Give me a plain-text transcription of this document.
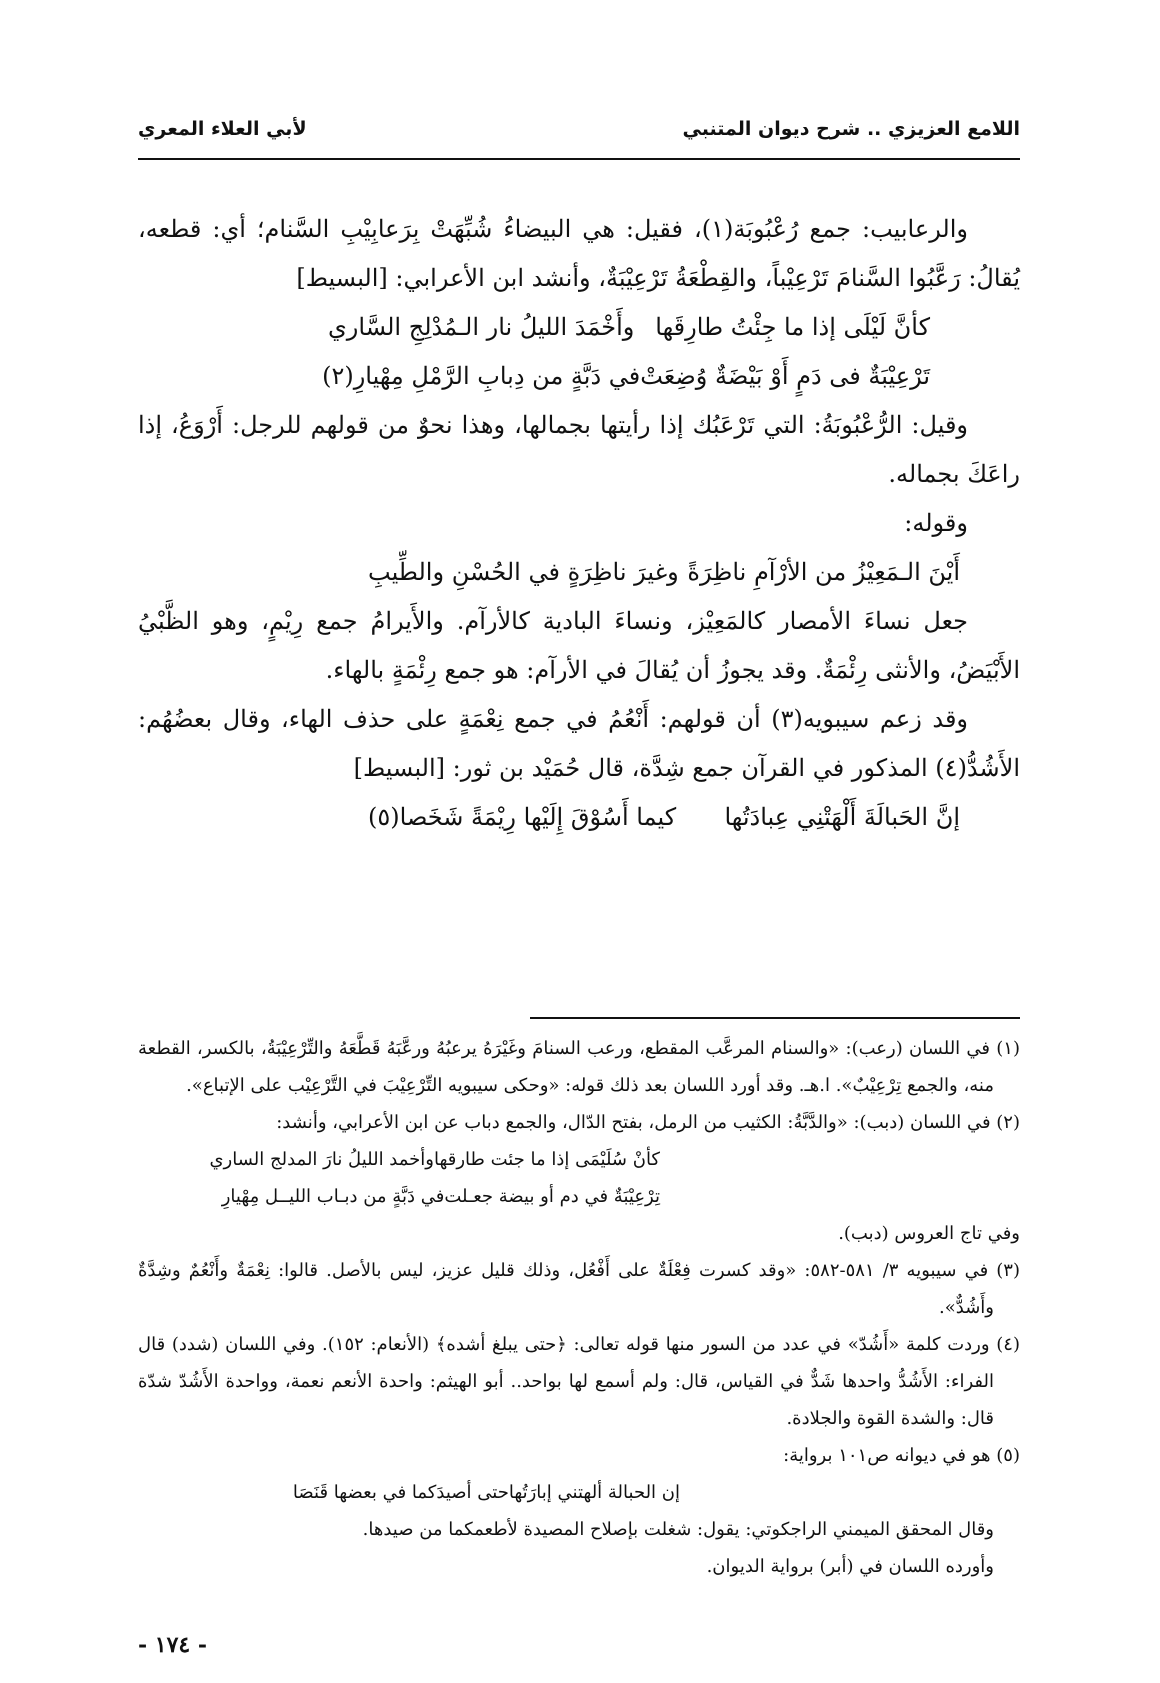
اللامع العزيزي .. شرح ديوان المتنبي
لأبي العلاء المعري

والرعابيب: جمع رُعْبُوبَة(١)، فقيل: هي البيضاءُ شُبِّهَتْ بِرَعابِيْبِ السَّنام؛ أي: قطعه، يُقالُ: رَعَّبُوا السَّنامَ تَرْعِيْباً، والقِطْعَةُ تَرْعِيْبَةٌ، وأنشد ابن الأعرابي: [البسيط]

كأنَّ لَيْلَى إذا ما جِئْتُ طارِقَها
وأَخْمَدَ الليلُ نار الـمُدْلِجِ السَّاري
تَرْعِيْبَةٌ فى دَمٍ أَوْ بَيْضَةٌ وُضِعَتْ
في دَبَّةٍ من دِبابِ الرَّمْلِ مِهْيارِ(٢)

وقيل: الرُّعْبُوبَةُ: التي تَرْعَبُك إذا رأيتها بجمالها، وهذا نحوٌ من قولهم للرجل: أَرْوَعُ، إذا راعَكَ بجماله.

وقوله:

أَيْنَ الـمَعِيْزُ من الأرْآمِ ناظِرَةً
وغيرَ ناظِرَةٍ في الحُسْنِ والطِّيبِ

جعل نساءَ الأمصار كالمَعِيْز، ونساءَ البادية كالأرآم. والأَيرامُ جمع رِيْمٍ، وهو الظَّبْيُ الأَبْيَضُ، والأنثى رِئْمَةٌ. وقد يجوزُ أن يُقالَ في الأرآم: هو جمع رِئْمَةٍ بالهاء.

وقد زعم سيبويه(٣) أن قولهم: أَنْعُمُ في جمع نِعْمَةٍ على حذف الهاء، وقال بعضُهُم: الأَشُدُّ(٤) المذكور في القرآن جمع شِدَّة، قال حُمَيْد بن ثور: [البسيط]

إنَّ الحَبالَةَ أَلْهَتْنِي عِبادَتُها
كيما أَسُوْقَ إِلَيْها رِيْمَةً شَخَصا(٥)

(١) في اللسان (رعب): «والسنام المرعَّب المقطع، ورعب السنامَ وغَيْرَهُ يرعبُهُ ورعَّبَهُ قَطَّعَهُ والتِّرْعِيْبَةُ، بالكسر، القطعة منه، والجمع تِرْعِيْبٌ». ا.هـ. وقد أورد اللسان بعد ذلك قوله: «وحكى سيبويه التِّرْعِيْبَ في التَّرْعِيْب على الإتباع».

(٢) في اللسان (دبب): «والدَّبَّةُ: الكثيب من الرمل، بفتح الدّال، والجمع دباب عن ابن الأعرابي، وأنشد:

كأنْ سُلَيْمَى إذا ما جئت طارقها
وأخمد الليلُ نارَ المدلج الساري
تِرْعِيْبَةٌ في دم أو بيضة جعـلت
في دَبَّةٍ من دبـاب الليــل مِهْيارِ

وفي تاج العروس (دبب).

(٣) في سيبويه ٣/ ٥٨١-٥٨٢: «وقد كسرت فِعْلَةٌ على أَفْعُل، وذلك قليل عزيز، ليس بالأصل. قالوا: نِعْمَةٌ وأَنْعُمٌ وشِدَّةٌ وأَشُدٌّ».

(٤) وردت كلمة «أَشُدّ» في عدد من السور منها قوله تعالى: ﴿حتى يبلغ أشده﴾ (الأنعام: ١٥٢). وفي اللسان (شدد) قال الفراء: الأَشُدُّ واحدها شَدٌّ في القياس، قال: ولم أسمع لها بواحد.. أبو الهيثم: واحدة الأنعم نعمة، وواحدة الأَشُدّ شدّة قال: والشدة القوة والجلادة.

(٥) هو في ديوانه ص١٠١ برواية:

إن الحبالة ألهتني إبارَتُها
حتى أصيدَكما في بعضها قَنَصَا

وقال المحقق الميمني الراجكوتي: يقول: شغلت بإصلاح المصيدة لأطعمكما من صيدها.

وأورده اللسان في (أبر) برواية الديوان.

- ١٧٤ -
